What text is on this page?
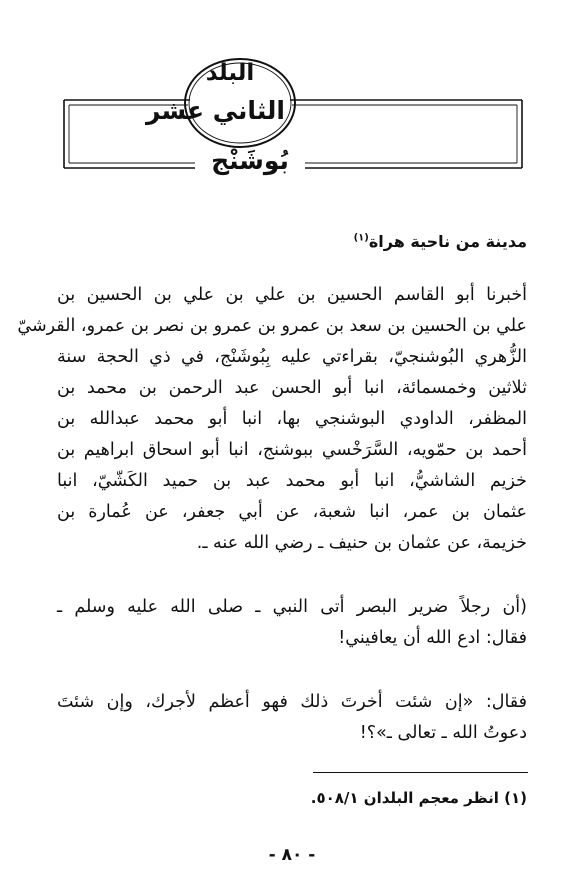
البلد
الثاني عشر
بُوشَنْج
مدينة من ناحية هراة$^{(١)}$
أخبرنا أبو القاسم الحسين بن علي بن علي بن الحسين بن
علي بن الحسين بن سعد بن عمرو بن عمرو بن نصر بن عمرو، القرشيّ
الزُّهري البُوشنجيّ، بقراءتي عليه بِبُوشَنْج، في ذي الحجة سنة
ثلاثين وخمسمائة، انبا أبو الحسن عبد الرحمن بن محمد بن
المظفر، الداودي البوشنجي بها، انبا أبو محمد عبدالله بن
أحمد بن حمّويه، السَّرَخْسي ببوشنج، انبا أبو اسحاق ابراهيم بن
خزيم الشاشيُّ، انبا أبو محمد عبد بن حميد الكَشّيّ، انبا
عثمان بن عمر، انبا شعبة، عن أبي جعفر، عن عُمارة بن
خزيمة، عن عثمان بن حنيف ـ رضي الله عنه ـ.
(أن رجلاً ضرير البصر أتى النبي ـ صلى الله عليه وسلم ـ
فقال: ادع الله أن يعافيني!
فقال: «إن شئت أخرتَ ذلك فهو أعظم لأجرك، وإن شئتَ
دعوتُ الله ـ تعالى ـ»؟!
(١) انظر معجم البلدان ٥٠٨/١.
- ٨٠ -
